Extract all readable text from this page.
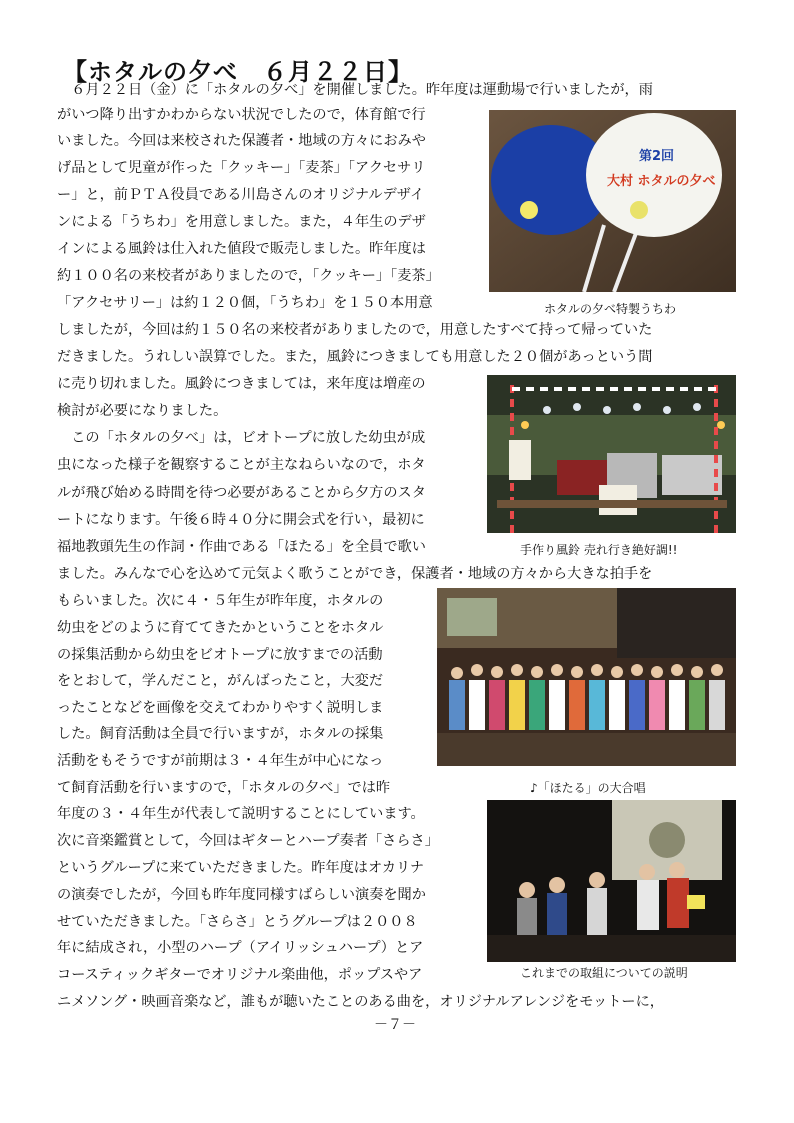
【ホタルの夕べ　６月２２日】
　６月２２日（金）に「ホタルの夕べ」を開催しました。昨年度は運動場で行いましたが，雨
がいつ降り出すかわからない状況でしたので，体育館で行
いました。今回は来校された保護者・地域の方々におみや
げ品として児童が作った「クッキー」「麦茶」「アクセサリ
ー」と，前ＰＴＡ役員である川島さんのオリジナルデザイ
ンによる「うちわ」を用意しました。また，４年生のデザ
インによる風鈴は仕入れた値段で販売しました。昨年度は
約１００名の来校者がありましたので，「クッキー」「麦茶」
「アクセサリー」は約１２０個，「うちわ」を１５０本用意
しましたが，今回は約１５０名の来校者がありましたので，用意したすべて持って帰っていた
だきました。うれしい誤算でした。また，風鈴につきましても用意した２０個があっという間
に売り切れました。風鈴につきましては，来年度は増産の
検討が必要になりました。
　この「ホタルの夕べ」は，ビオトープに放した幼虫が成
虫になった様子を観察することが主なねらいなので，ホタ
ルが飛び始める時間を待つ必要があることから夕方のスタ
ートになります。午後６時４０分に開会式を行い，最初に
福地教頭先生の作詞・作曲である「ほたる」を全員で歌い
ました。みんなで心を込めて元気よく歌うことができ，保護者・地域の方々から大きな拍手を
もらいました。次に４・５年生が昨年度，ホタルの
幼虫をどのように育ててきたかということをホタル
の採集活動から幼虫をビオトープに放すまでの活動
をとおして，学んだこと，がんばったこと，大変だ
ったことなどを画像を交えてわかりやすく説明しま
した。飼育活動は全員で行いますが，ホタルの採集
活動をもそうですが前期は３・４年生が中心になっ
て飼育活動を行いますので，「ホタルの夕べ」では昨
年度の３・４年生が代表して説明することにしています。
次に音楽鑑賞として，今回はギターとハープ奏者「さらさ」
というグループに来ていただきました。昨年度はオカリナ
の演奏でしたが，今回も昨年度同様すばらしい演奏を聞か
せていただきました。「さらさ」とうグループは２００８
年に結成され，小型のハープ（アイリッシュハープ）とア
コースティックギターでオリジナル楽曲他，ポップスやア
ニメソング・映画音楽など，誰もが聴いたことのある曲を，オリジナルアレンジをモットーに，
第2回
大村 ホタルの夕べ
ホタルの夕べ特製うちわ
手作り風鈴 売れ行き絶好調!!
♪「ほたる」の大合唱
これまでの取組についての説明
－７－
